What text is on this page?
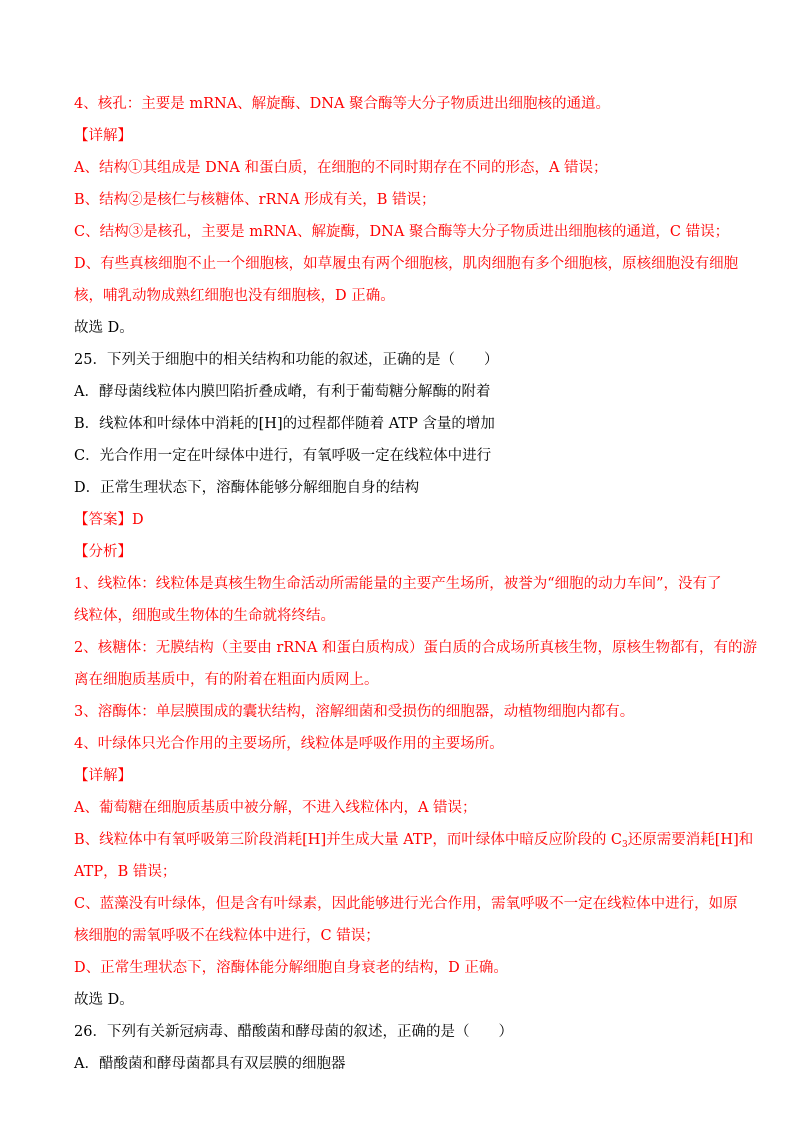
4、核孔：主要是 mRNA、解旋酶、DNA 聚合酶等大分子物质进出细胞核的通道。
【详解】
A、结构①其组成是 DNA 和蛋白质，在细胞的不同时期存在不同的形态，A 错误；
B、结构②是核仁与核糖体、rRNA 形成有关，B 错误；
C、结构③是核孔，主要是 mRNA、解旋酶，DNA 聚合酶等大分子物质进出细胞核的通道，C 错误；
D、有些真核细胞不止一个细胞核，如草履虫有两个细胞核，肌肉细胞有多个细胞核，原核细胞没有细胞
核，哺乳动物成熟红细胞也没有细胞核，D 正确。
故选 D。
25．下列关于细胞中的相关结构和功能的叙述，正确的是（　　）
A．酵母菌线粒体内膜凹陷折叠成嵴，有利于葡萄糖分解酶的附着
B．线粒体和叶绿体中消耗的[H]的过程都伴随着 ATP 含量的增加
C．光合作用一定在叶绿体中进行，有氧呼吸一定在线粒体中进行
D．正常生理状态下，溶酶体能够分解细胞自身的结构
【答案】D
【分析】
1、线粒体：线粒体是真核生物生命活动所需能量的主要产生场所，被誉为“细胞的动力车间”，没有了
线粒体，细胞或生物体的生命就将终结。
2、核糖体：无膜结构（主要由 rRNA 和蛋白质构成）蛋白质的合成场所真核生物，原核生物都有，有的游
离在细胞质基质中，有的附着在粗面内质网上。
3、溶酶体：单层膜围成的囊状结构，溶解细菌和受损伤的细胞器，动植物细胞内都有。
4、叶绿体只光合作用的主要场所，线粒体是呼吸作用的主要场所。
【详解】
A、葡萄糖在细胞质基质中被分解，不进入线粒体内，A 错误；
B、线粒体中有氧呼吸第三阶段消耗[H]并生成大量 ATP，而叶绿体中暗反应阶段的 $C_3$还原需要消耗[H]和
ATP，B 错误；
C、蓝藻没有叶绿体，但是含有叶绿素，因此能够进行光合作用，需氧呼吸不一定在线粒体中进行，如原
核细胞的需氧呼吸不在线粒体中进行，C 错误；
D、正常生理状态下，溶酶体能分解细胞自身衰老的结构，D 正确。
故选 D。
26．下列有关新冠病毒、醋酸菌和酵母菌的叙述，正确的是（　　）
A．醋酸菌和酵母菌都具有双层膜的细胞器
